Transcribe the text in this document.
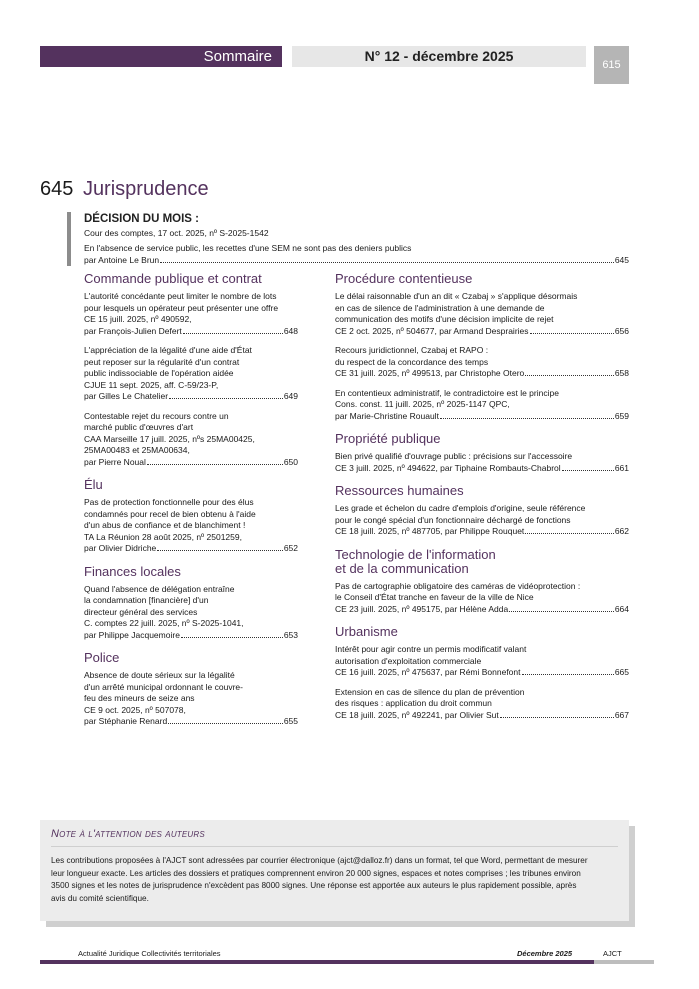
Sommaire	N° 12 - décembre 2025
615
645 Jurisprudence
DÉCISION DU MOIS :
Cour des comptes, 17 oct. 2025, nº S-2025-1542
En l'absence de service public, les recettes d'une SEM ne sont pas des deniers publics
par Antoine Le Brun	645
Commande publique et contrat
L'autorité concédante peut limiter le nombre de lots
pour lesquels un opérateur peut présenter une offre
CE 15 juill. 2025, nº 490592,
par François-Julien Defert	648
L'appréciation de la légalité d'une aide d'État
peut reposer sur la régularité d'un contrat
public indissociable de l'opération aidée
CJUE 11 sept. 2025, aff. C-59/23-P,
par Gilles Le Chatelier	649
Contestable rejet du recours contre un
marché public d'œuvres d'art
CAA Marseille 17 juill. 2025, nºs 25MA00425,
25MA00483 et 25MA00634,
par Pierre Noual	650
Élu
Pas de protection fonctionnelle pour des élus
condamnés pour recel de bien obtenu à l'aide
d'un abus de confiance et de blanchiment !
TA La Réunion 28 août 2025, nº 2501259,
par Olivier Didriche	652
Finances locales
Quand l'absence de délégation entraîne
la condamnation [financière] d'un
directeur général des services
C. comptes 22 juill. 2025, nº S-2025-1041,
par Philippe Jacquemoire	653
Police
Absence de doute sérieux sur la légalité
d'un arrêté municipal ordonnant le couvre-
feu des mineurs de seize ans
CE 9 oct. 2025, nº 507078,
par Stéphanie Renard	655
Procédure contentieuse
Le délai raisonnable d'un an dit « Czabaj » s'applique désormais
en cas de silence de l'administration à une demande de
communication des motifs d'une décision implicite de rejet
CE 2 oct. 2025, nº 504677, par Armand Desprairies	656
Recours juridictionnel, Czabaj et RAPO :
du respect de la concordance des temps
CE 31 juill. 2025, nº 499513, par Christophe Otero	658
En contentieux administratif, le contradictoire est le principe
Cons. const. 11 juill. 2025, nº 2025-1147 QPC,
par Marie-Christine Rouault	659
Propriété publique
Bien privé qualifié d'ouvrage public : précisions sur l'accessoire
CE 3 juill. 2025, nº 494622, par Tiphaine Rombauts-Chabrol	661
Ressources humaines
Les grade et échelon du cadre d'emplois d'origine, seule référence
pour le congé spécial d'un fonctionnaire déchargé de fonctions
CE 18 juill. 2025, nº 487705, par Philippe Rouquet	662
Technologie de l'information
et de la communication
Pas de cartographie obligatoire des caméras de vidéoprotection :
le Conseil d'État tranche en faveur de la ville de Nice
CE 23 juill. 2025, nº 495175, par Hélène Adda	664
Urbanisme
Intérêt pour agir contre un permis modificatif valant
autorisation d'exploitation commerciale
CE 16 juill. 2025, nº 475637, par Rémi Bonnefont	665
Extension en cas de silence du plan de prévention
des risques : application du droit commun
CE 18 juill. 2025, nº 492241, par Olivier Sut	667
Note à l'attention des auteurs
Les contributions proposées à l'AJCT sont adressées par courrier électronique (ajct@dalloz.fr) dans un format, tel que Word, permettant de mesurer
leur longueur exacte. Les articles des dossiers et pratiques comprennent environ 20 000 signes, espaces et notes comprises ; les tribunes environ
3500 signes et les notes de jurisprudence n'excèdent pas 8000 signes. Une réponse est apportée aux auteurs le plus rapidement possible, après
avis du comité scientifique.
Actualité Juridique Collectivités territoriales	Décembre 2025	AJCT
